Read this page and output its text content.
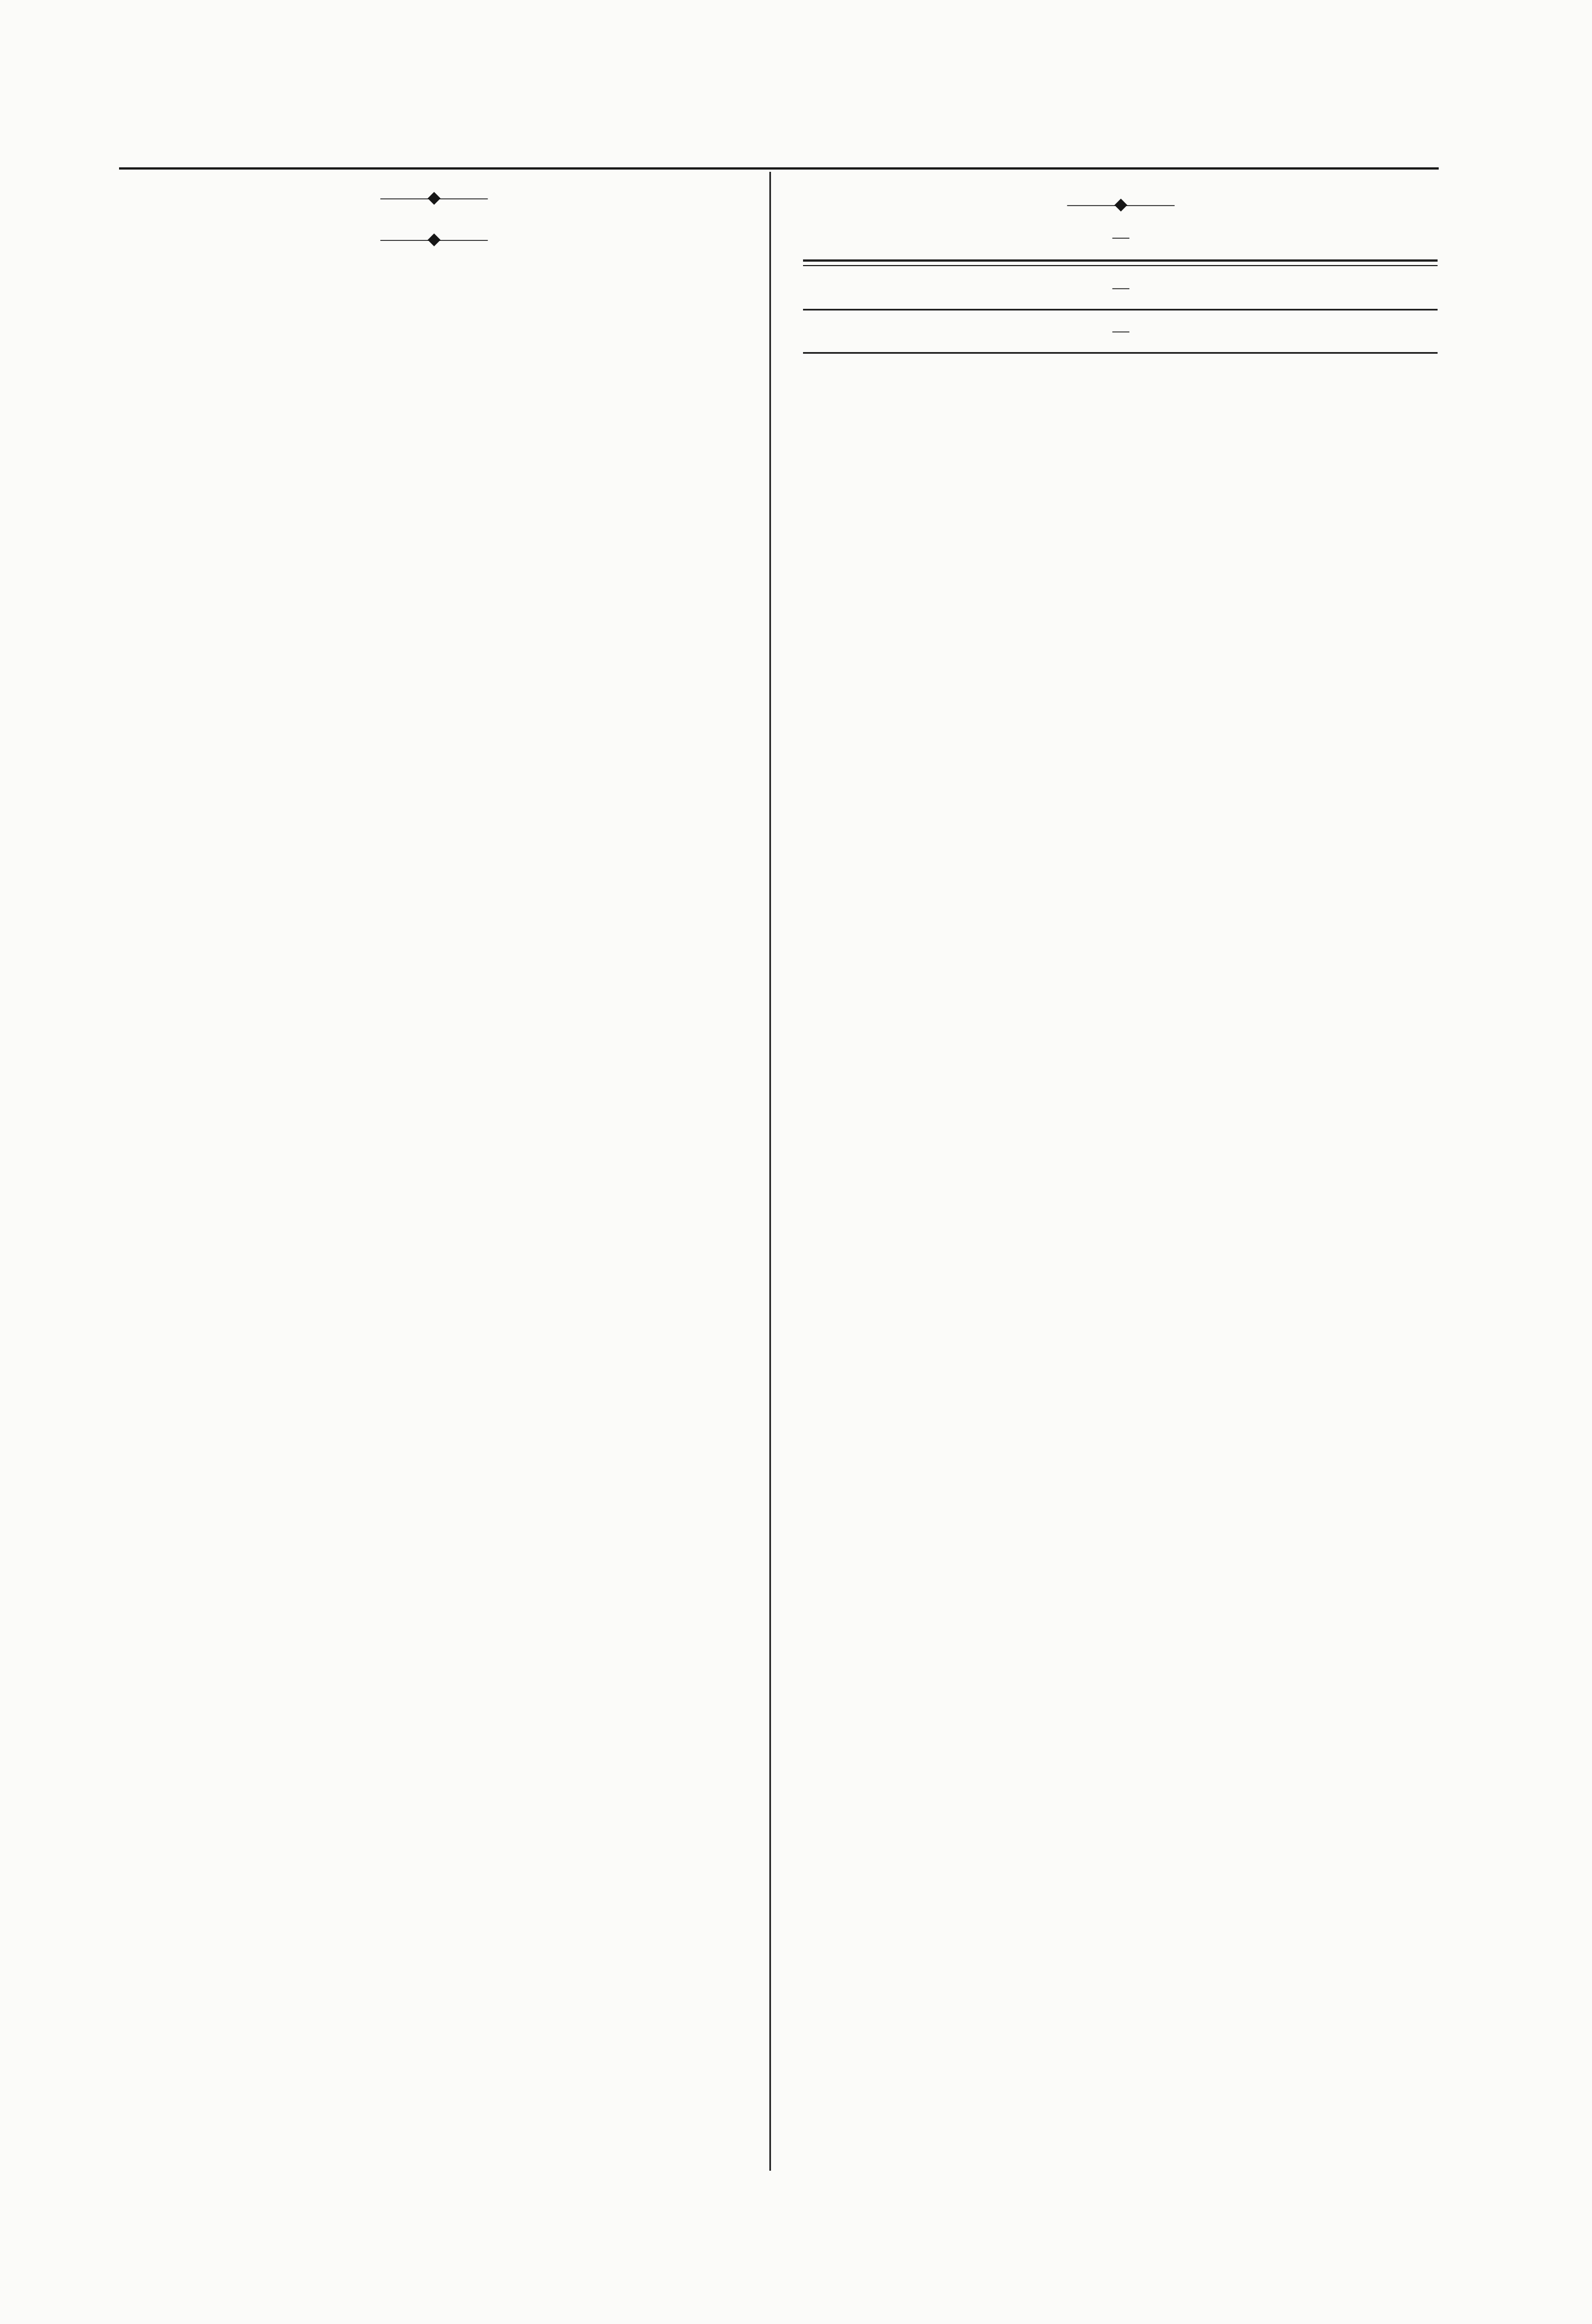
———◆———

———◆———

———◆———
—

—

—
